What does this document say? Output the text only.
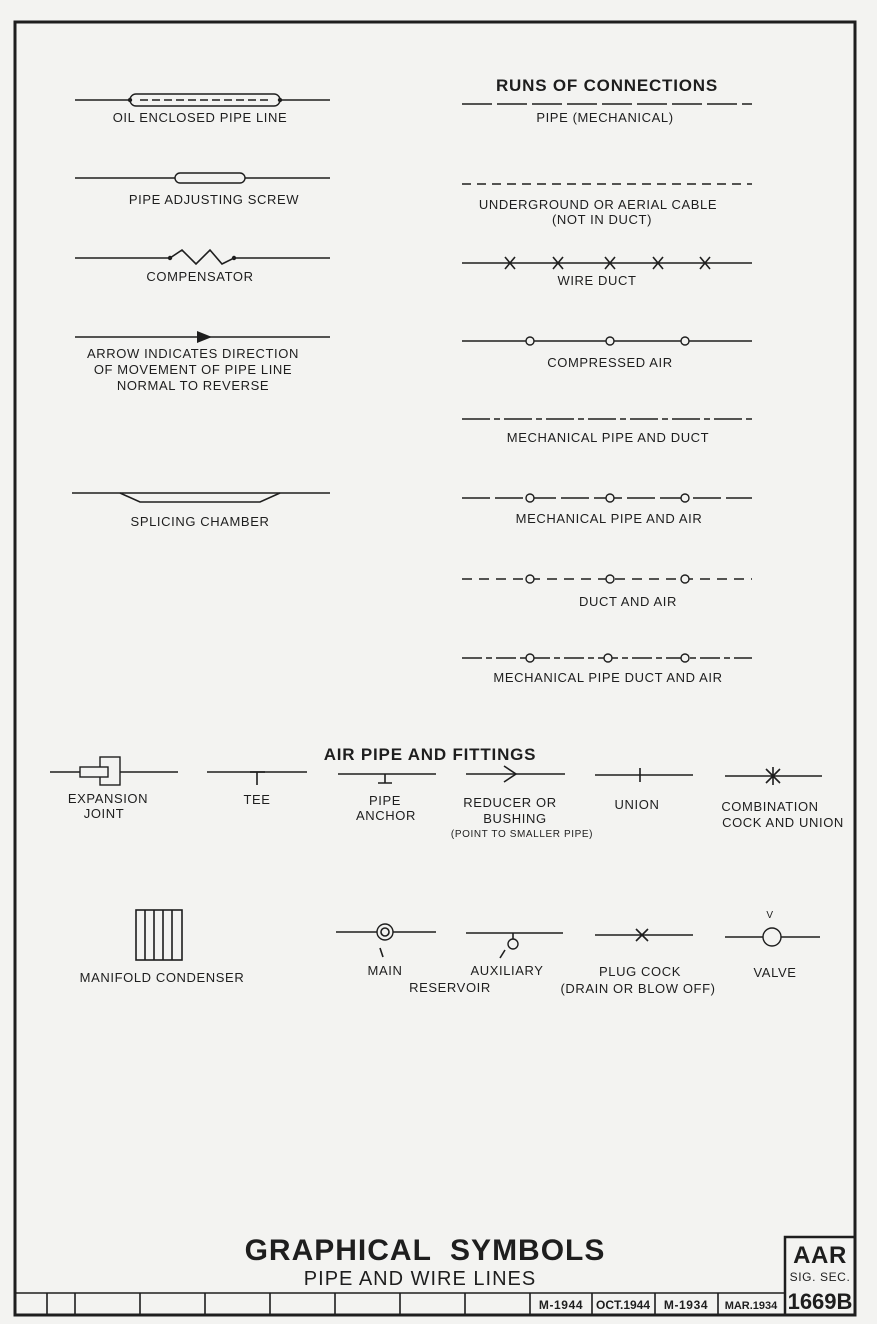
OIL ENCLOSED PIPE LINE
PIPE ADJUSTING SCREW
COMPENSATOR
ARROW INDICATES DIRECTION
OF MOVEMENT OF PIPE LINE
NORMAL TO REVERSE
SPLICING CHAMBER
RUNS OF CONNECTIONS
PIPE (MECHANICAL)
UNDERGROUND OR AERIAL CABLE
(NOT IN DUCT)
WIRE DUCT
COMPRESSED AIR
MECHANICAL PIPE AND DUCT
MECHANICAL PIPE AND AIR
DUCT AND AIR
MECHANICAL PIPE DUCT AND AIR
AIR PIPE AND FITTINGS
EXPANSION
JOINT
TEE	PIPE
ANCHOR
REDUCER OR
BUSHING
(POINT TO SMALLER PIPE)
UNION	COMBINATION
COCK AND UNION
MANIFOLD CONDENSER	MAIN	AUXILIARY
RESERVOIR
PLUG COCK
(DRAIN OR BLOW OFF)
V
VALVE
GRAPHICAL  SYMBOLS
PIPE AND WIRE LINES
AAR
SIG. SEC.
1669B
M-1944 OCT.1944 M-1934 MAR.1934
